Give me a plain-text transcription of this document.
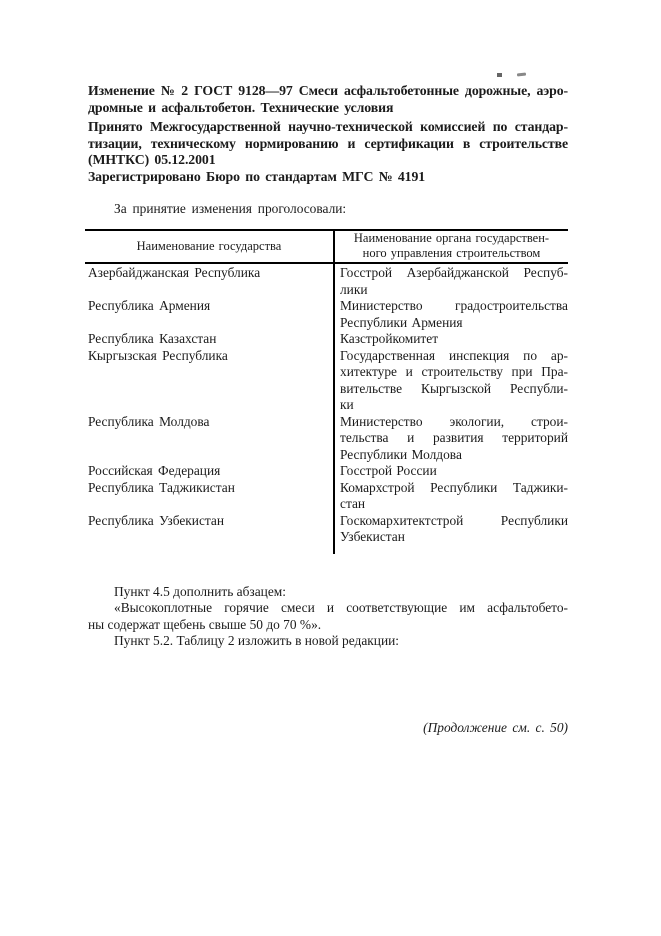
Изменение № 2 ГОСТ 9128—97 Смеси асфальтобетонные дорожные, аэро-
дромные и асфальтобетон. Технические условия
Принято Межгосударственной научно-технической комиссией по стандар-
тизации, техническому нормированию и сертификации в строительстве
(МНТКС) 05.12.2001
Зарегистрировано Бюро по стандартам МГС № 4191
За принятие изменения проголосовали:
Наименование государства
Наименование органа государствен-
ного управления строительством
Азербайджанская Республика	Госстрой Азербайджанской Респуб-
лики
Республика Армения	Министерство градостроительства
Республики Армения
Республика Казахстан	Казстройкомитет
Кыргызская Республика	Государственная инспекция по ар-
хитектуре и строительству при Пра-
вительстве Кыргызской Республи-
ки
Республика Молдова	Министерство экологии, строи-
тельства и развития территорий
Республики Молдова
Российская Федерация	Госстрой России
Республика Таджикистан	Комархстрой Республики Таджики-
стан
Республика Узбекистан	Госкомархитектстрой Республики
Узбекистан
Пункт 4.5 дополнить абзацем:
«Высокоплотные горячие смеси и соответствующие им асфальтобето-
ны содержат щебень свыше 50 до 70 %».
Пункт 5.2. Таблицу 2 изложить в новой редакции:
(Продолжение см. с. 50)
